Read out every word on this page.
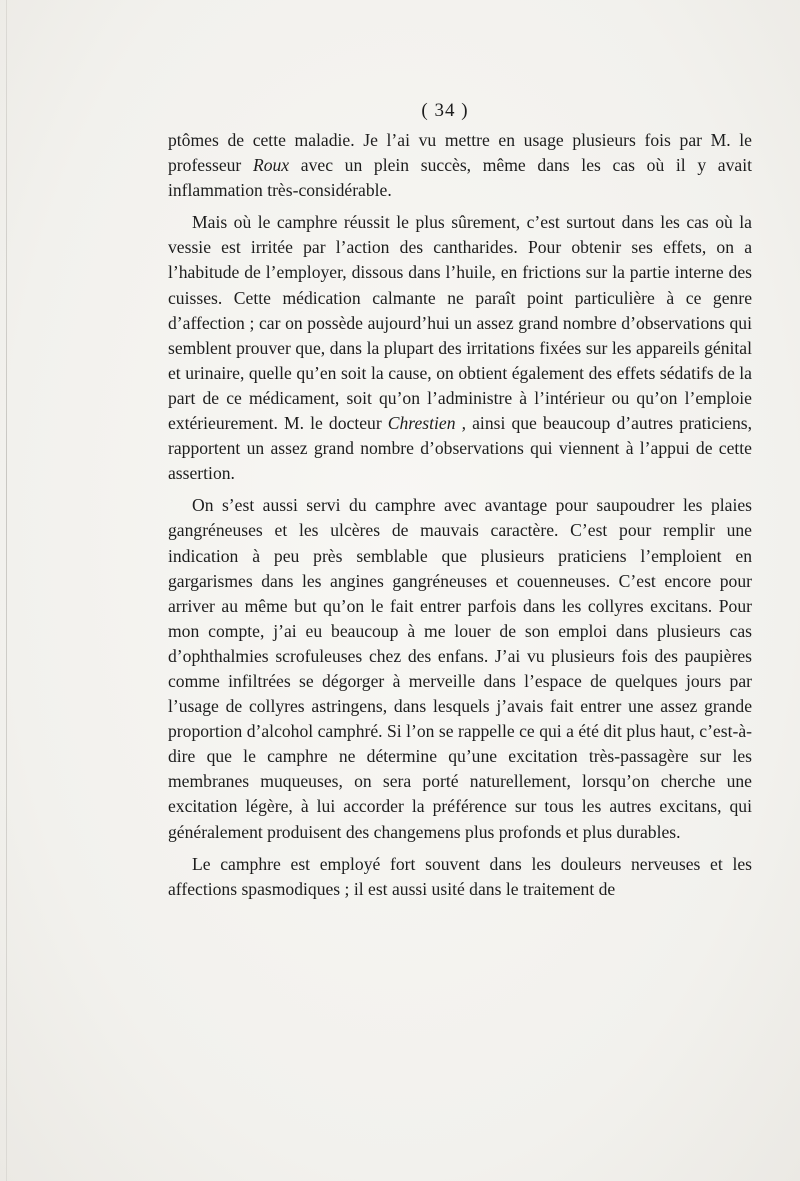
( 34 )

ptômes de cette maladie. Je l’ai vu mettre en usage plusieurs fois par M. le professeur Roux avec un plein succès, même dans les cas où il y avait inflammation très-considérable.

Mais où le camphre réussit le plus sûrement, c’est surtout dans les cas où la vessie est irritée par l’action des cantharides. Pour obtenir ses effets, on a l’habitude de l’employer, dissous dans l’huile, en frictions sur la partie interne des cuisses. Cette médication calmante ne paraît point particulière à ce genre d’affection ; car on possède aujourd’hui un assez grand nombre d’observations qui semblent prouver que, dans la plupart des irritations fixées sur les appareils génital et urinaire, quelle qu’en soit la cause, on obtient également des effets sédatifs de la part de ce médicament, soit qu’on l’administre à l’intérieur ou qu’on l’emploie extérieurement. M. le docteur Chrestien , ainsi que beaucoup d’autres praticiens, rapportent un assez grand nombre d’observations qui viennent à l’appui de cette assertion.

On s’est aussi servi du camphre avec avantage pour saupoudrer les plaies gangréneuses et les ulcères de mauvais caractère. C’est pour remplir une indication à peu près semblable que plusieurs praticiens l’emploient en gargarismes dans les angines gangréneuses et couenneuses. C’est encore pour arriver au même but qu’on le fait entrer parfois dans les collyres excitans. Pour mon compte, j’ai eu beaucoup à me louer de son emploi dans plusieurs cas d’ophthalmies scrofuleuses chez des enfans. J’ai vu plusieurs fois des paupières comme infiltrées se dégorger à merveille dans l’espace de quelques jours par l’usage de collyres astringens, dans lesquels j’avais fait entrer une assez grande proportion d’alcohol camphré. Si l’on se rappelle ce qui a été dit plus haut, c’est-à-dire que le camphre ne détermine qu’une excitation très-passagère sur les membranes muqueuses, on sera porté naturellement, lorsqu’on cherche une excitation légère, à lui accorder la préférence sur tous les autres excitans, qui généralement produisent des changemens plus profonds et plus durables.

Le camphre est employé fort souvent dans les douleurs nerveuses et les affections spasmodiques ; il est aussi usité dans le traitement de
